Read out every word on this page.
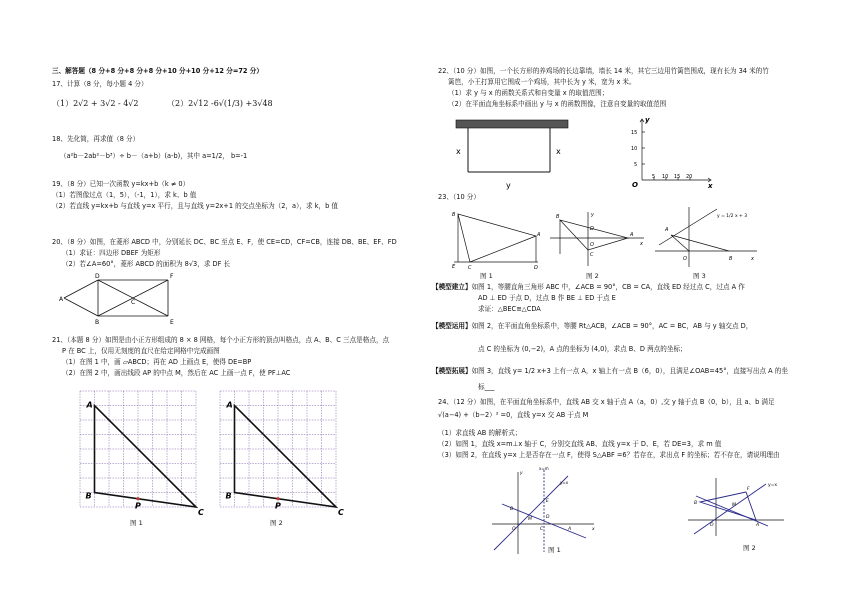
三、解答题（8 分+8 分+8 分+8 分+10 分+10 分+12 分=72 分）
17、计算（8 分，每小题 4 分）
（1）2√2 + 3√2 - 4√2	（2）2√12 -6√(1/3) +3√48
18、先化简，再求值（8 分）
（a²b－2ab²－b³）÷ b－（a+b）(a-b)，其中 a=1/2， b=-1
19、（8 分）已知一次函数 y=kx+b（k ≠ 0）
（1）若图像过点（1，5），（-1，1），求 k、b 值
（2）若直线 y=kx+b 与直线 y=x 平行，且与直线 y=2x+1 的交点坐标为（2，a），求 k，b 值
20、（8 分）如图，在菱形 ABCD 中，分别延长 DC、BC 至点 E、F，使 CE=CD，CF=CB，连接 DB、BE、EF、FD
（1）求证：四边形 DBEF 为矩形
（2）若∠A=60°，菱形 ABCD 的面积为 8√3，求 DF 长
A
B
C
D
E
F
21、（本题 8 分）如图是由小正方形组成的 8 × 8 网格，每个小正方形的顶点叫格点，点 A、B、C 三点是格点，点
P 在 BC 上，仅用无刻度的直尺在给定网格中完成画图
（1）在图 1 中，画 ▱ABCD；再在 AD 上画点 E，使得 DE=BP
（2）在图 2 中，画出线段 AP 的中点 M，然后在 AC 上画一点 F，使 PF⊥AC
A
B
P
C
A
B
P
C
图 1	图 2
22、（10 分）如图，一个长方形的养鸡场的长边靠墙，墙长 14 米，其它三边用竹篱笆围成，现有长为 34 米的竹
篱笆，小王打算用它围成一个鸡场，其中长为 y 米，宽为 x 米。
（1）求 y 与 x 的函数关系式和自变量 x 的取值范围；
（2）在平面直角坐标系中画出 y 与 x 的函数图像，注意自变量的取值范围
x	x
y
y
x
O
15
10
5
5 10 15 20
23、（10 分）
B
A
E	C	D
图 1
B	y
A
x
O
C
D
图 2
y = 1/2 x + 3
A
O	B	x
图 3
【模型建立】如图 1，等腰直角三角形 ABC 中，∠ACB = 90°，CB = CA，直线 ED 经过点 C，过点 A 作
AD ⊥ ED 于点 D，过点 B 作 BE ⊥ ED 于点 E
求证：△BEC≌△CDA
【模型运用】如图 2，在平面直角坐标系中，等腰 Rt△ACB，∠ACB = 90°，AC = BC，AB 与 y 轴交点 D，
点 C 的坐标为 (0,−2)，A 点的坐标为 (4,0)，求点 B、D 两点的坐标；
【模型拓展】如图 3，直线 y= 1/2 x+3 上有一点 A，x 轴上有一点 B（6，0），且满足∠OAB=45°，直接写出点 A 的坐
标___
24、（12 分）如图，在平面直角坐标系中，直线 AB 交 x 轴于点 A（a，0）,交 y 轴于点 B（0，b），且 a、b 满足
√(a−4) +（b−2）² =0，直线 y=x 交 AB 于点 M
（1）求直线 AB 的解析式；
（2）如图 1，直线 x=m⊥x 轴于 C，分别交直线 AB、直线 y=x 于 D、E，若 DE=3，求 m 值
（3）如图 2，在直线 y=x 上是否存在一点 F，使得 S△ABF =6？若存在，求出点 F 的坐标；若不存在，请说明理由
x=m
y=x
B
M	D
E
O	C	A	x
y
图 1
y=x
F
B	M
O	A
图 2
